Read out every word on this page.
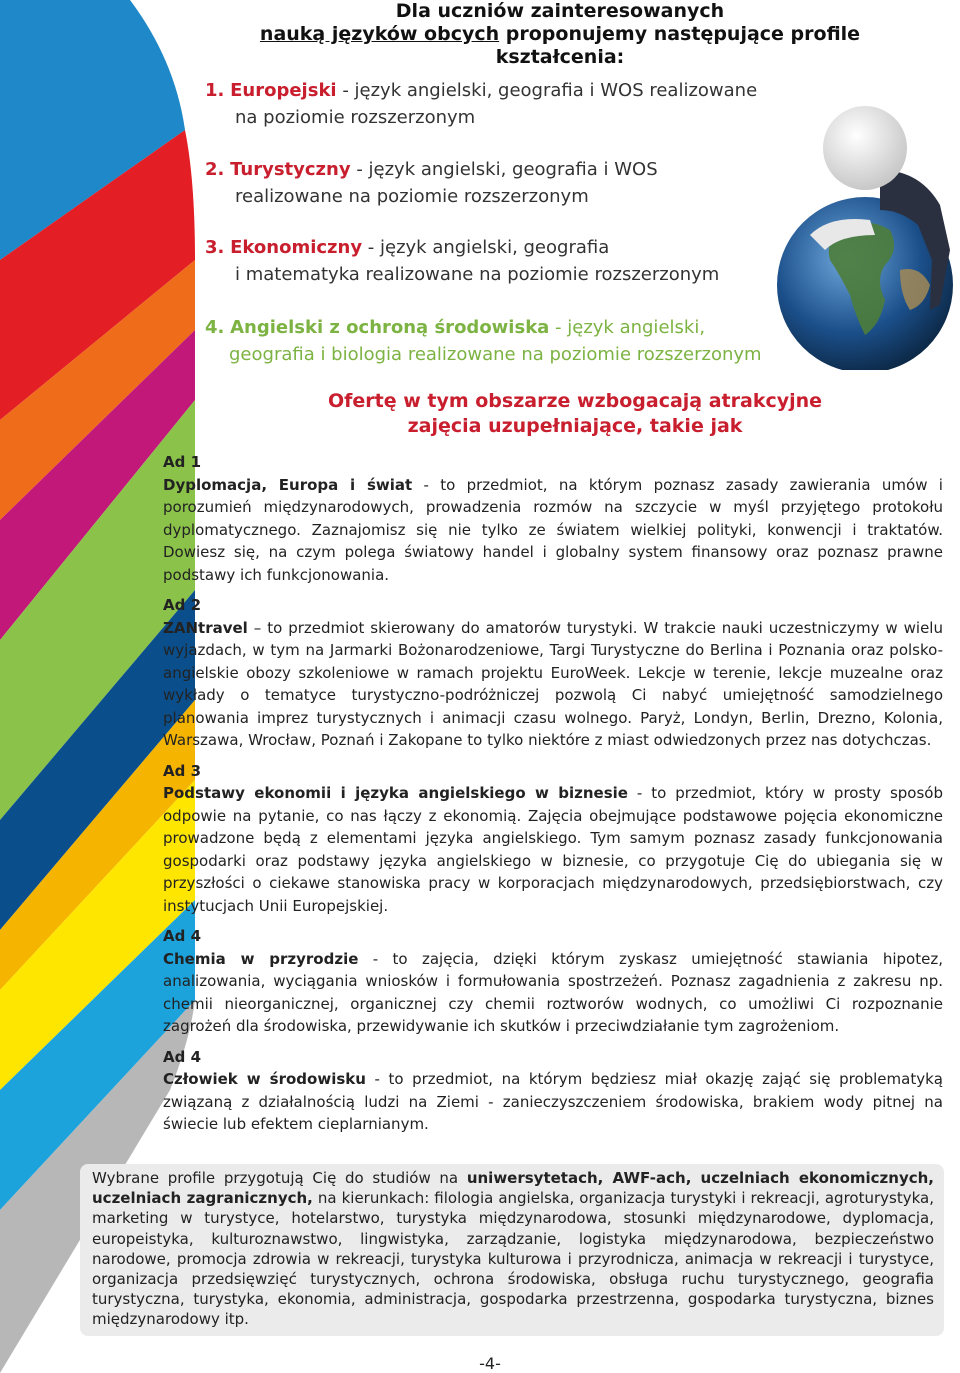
Dla uczniów zainteresowanych
nauką języków obcych proponujemy następujące profile
kształcenia:
1. Europejski - język angielski, geografia i WOS realizowane
na poziomie rozszerzonym
2. Turystyczny - język angielski, geografia i WOS
realizowane na poziomie rozszerzonym
3. Ekonomiczny - język angielski, geografia
i matematyka realizowane na poziomie rozszerzonym
4. Angielski z ochroną środowiska - język angielski,
geografia i biologia realizowane na poziomie rozszerzonym
Ofertę w tym obszarze wzbogacają atrakcyjne
zajęcia uzupełniające, takie jak
Ad 1

Dyplomacja, Europa i świat - to przedmiot, na którym poznasz zasady zawierania umów i porozumień międzynarodowych, prowadzenia rozmów na szczycie w myśl przyjętego protokołu dyplomatycznego. Zaznajomisz się nie tylko ze światem wielkiej polityki, konwencji i traktatów. Dowiesz się, na czym polega światowy handel i globalny system finansowy oraz poznasz prawne podstawy ich funkcjonowania.

Ad 2

ZANtravel – to przedmiot skierowany do amatorów turystyki. W trakcie nauki uczestniczymy w wielu wyjazdach, w tym na Jarmarki Bożonarodzeniowe, Targi Turystyczne do Berlina i Poznania oraz polsko-angielskie obozy szkoleniowe w ramach projektu EuroWeek. Lekcje w terenie, lekcje muzealne oraz wykłady o tematyce turystyczno-podróżniczej pozwolą Ci nabyć umiejętność samodzielnego planowania imprez turystycznych i animacji czasu wolnego. Paryż, Londyn, Berlin, Drezno, Kolonia, Warszawa, Wrocław, Poznań i Zakopane to tylko niektóre z miast odwiedzonych przez nas dotychczas.

Ad 3

Podstawy ekonomii i języka angielskiego w biznesie - to przedmiot, który w prosty sposób odpowie na pytanie, co nas łączy z ekonomią. Zajęcia obejmujące podstawowe pojęcia ekonomiczne prowadzone będą z elementami języka angielskiego. Tym samym poznasz zasady funkcjonowania gospodarki oraz podstawy języka angielskiego w biznesie, co przygotuje Cię do ubiegania się w przyszłości o ciekawe stanowiska pracy w korporacjach międzynarodowych, przedsiębiorstwach, czy instytucjach Unii Europejskiej.

Ad 4

Chemia w przyrodzie - to zajęcia, dzięki którym zyskasz umiejętność stawiania hipotez, analizowania, wyciągania wniosków i formułowania spostrzeżeń. Poznasz zagadnienia z zakresu np. chemii nieorganicznej, organicznej czy chemii roztworów wodnych, co umożliwi Ci rozpoznanie zagrożeń dla środowiska, przewidywanie ich skutków i przeciwdziałanie tym zagrożeniom.

Ad 4

Człowiek w środowisku - to przedmiot, na którym będziesz miał okazję zająć się problematyką związaną z działalnością ludzi na Ziemi - zanieczyszczeniem środowiska, brakiem wody pitnej na świecie lub efektem cieplarnianym.

Wybrane profile przygotują Cię do studiów na uniwersytetach, AWF-ach, uczelniach ekonomicznych, uczelniach zagranicznych, na kierunkach: filologia angielska, organizacja turystyki i rekreacji, agroturystyka, marketing w turystyce, hotelarstwo, turystyka międzynarodowa, stosunki międzynarodowe, dyplomacja, europeistyka, kulturoznawstwo, lingwistyka, zarządzanie, logistyka międzynarodowa, bezpieczeństwo narodowe, promocja zdrowia w rekreacji, turystyka kulturowa i przyrodnicza, animacja w rekreacji i turystyce, organizacja przedsięwzięć turystycznych, ochrona środowiska, obsługa ruchu turystycznego, geografia turystyczna, turystyka, ekonomia, administracja, gospodarka przestrzenna, gospodarka turystyczna, biznes międzynarodowy itp.
-4-
